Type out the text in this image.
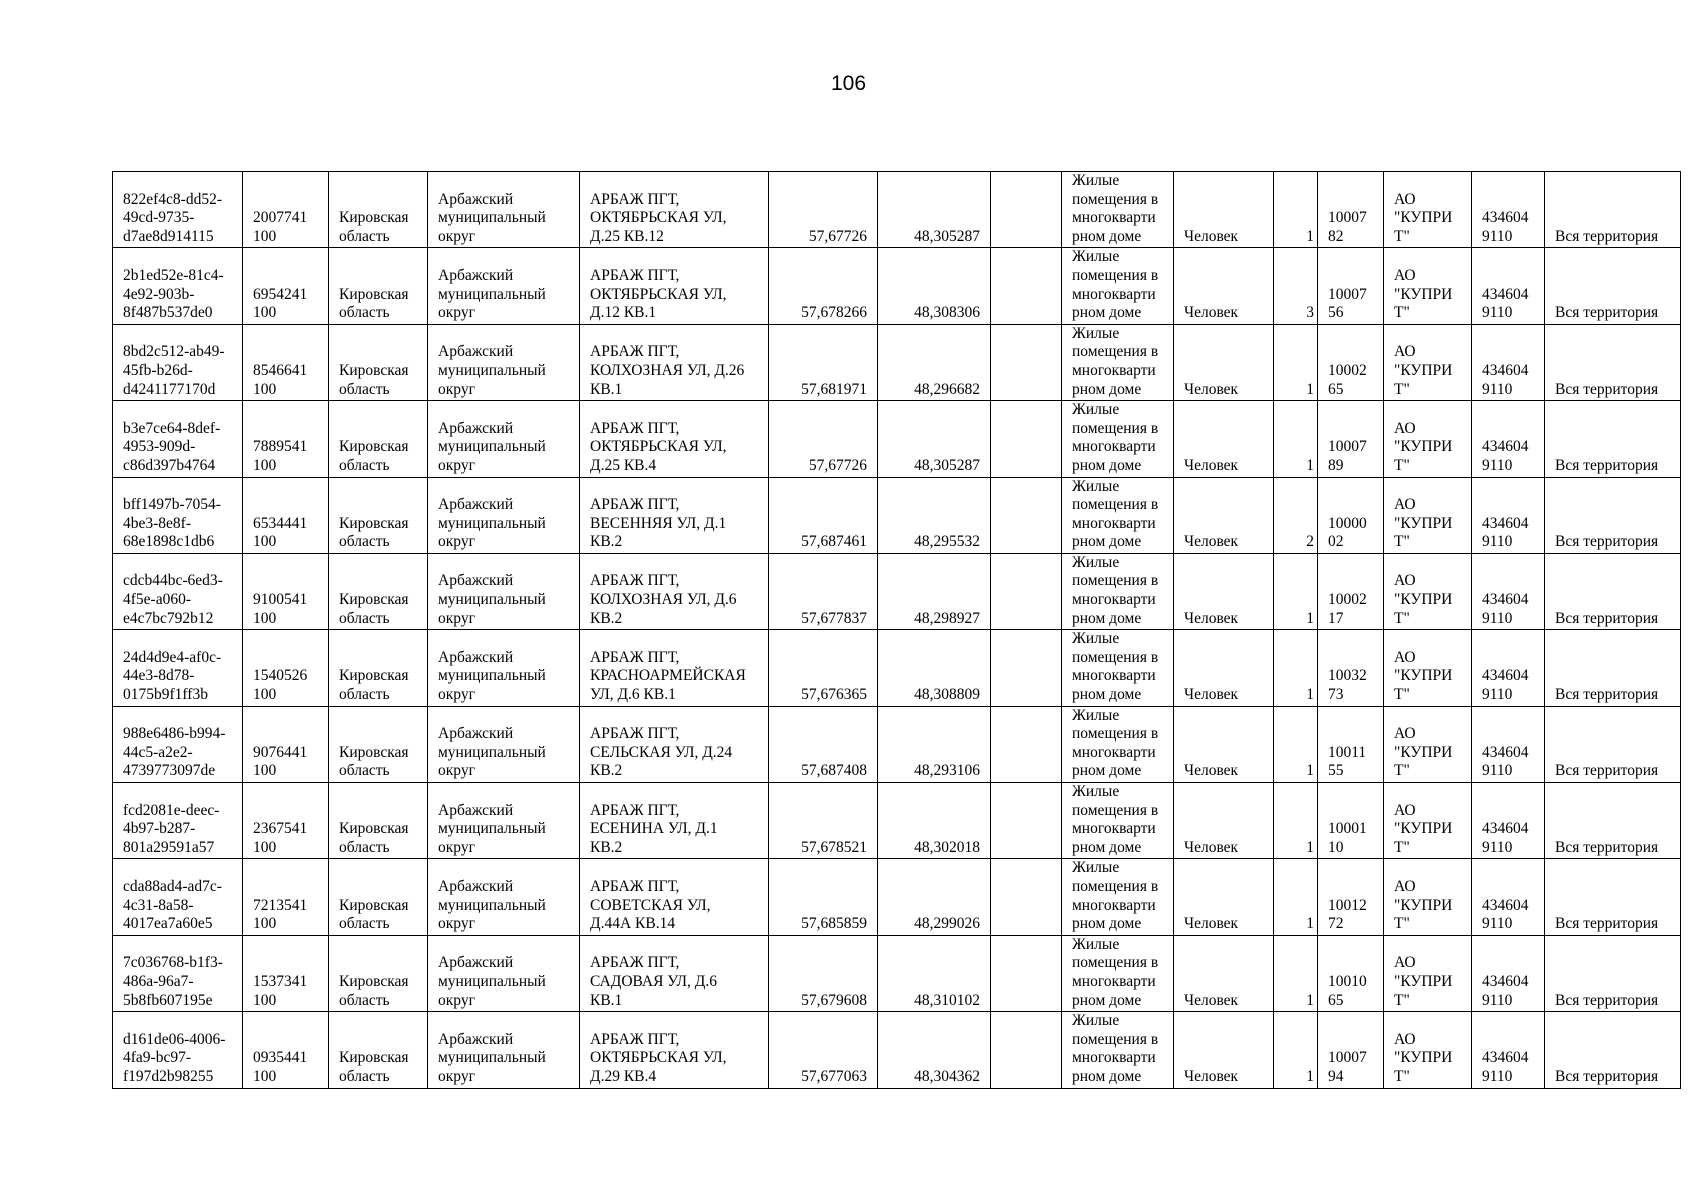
106
822ef4c8-dd52-
49cd-9735-
d7ae8d914115	2007741
100	Кировская
область	Арбажский
муниципальный
округ	АРБАЖ ПГТ,
ОКТЯБРЬСКАЯ УЛ,
Д.25 КВ.12	57,67726	48,305287		Жилые
помещения в
многокварти
рном доме	Человек	1	10007
82	АО
"КУПРИ
Т"	434604
9110	Вся территория
2b1ed52e-81c4-
4e92-903b-
8f487b537de0	6954241
100	Кировская
область	Арбажский
муниципальный
округ	АРБАЖ ПГТ,
ОКТЯБРЬСКАЯ УЛ,
Д.12 КВ.1	57,678266	48,308306		Жилые
помещения в
многокварти
рном доме	Человек	3	10007
56	АО
"КУПРИ
Т"	434604
9110	Вся территория
8bd2c512-ab49-
45fb-b26d-
d4241177170d	8546641
100	Кировская
область	Арбажский
муниципальный
округ	АРБАЖ ПГТ,
КОЛХОЗНАЯ УЛ, Д.26
КВ.1	57,681971	48,296682		Жилые
помещения в
многокварти
рном доме	Человек	1	10002
65	АО
"КУПРИ
Т"	434604
9110	Вся территория
b3e7ce64-8def-
4953-909d-
c86d397b4764	7889541
100	Кировская
область	Арбажский
муниципальный
округ	АРБАЖ ПГТ,
ОКТЯБРЬСКАЯ УЛ,
Д.25 КВ.4	57,67726	48,305287		Жилые
помещения в
многокварти
рном доме	Человек	1	10007
89	АО
"КУПРИ
Т"	434604
9110	Вся территория
bff1497b-7054-
4be3-8e8f-
68e1898c1db6	6534441
100	Кировская
область	Арбажский
муниципальный
округ	АРБАЖ ПГТ,
ВЕСЕННЯЯ УЛ, Д.1
КВ.2	57,687461	48,295532		Жилые
помещения в
многокварти
рном доме	Человек	2	10000
02	АО
"КУПРИ
Т"	434604
9110	Вся территория
cdcb44bc-6ed3-
4f5e-a060-
e4c7bc792b12	9100541
100	Кировская
область	Арбажский
муниципальный
округ	АРБАЖ ПГТ,
КОЛХОЗНАЯ УЛ, Д.6
КВ.2	57,677837	48,298927		Жилые
помещения в
многокварти
рном доме	Человек	1	10002
17	АО
"КУПРИ
Т"	434604
9110	Вся территория
24d4d9e4-af0c-
44e3-8d78-
0175b9f1ff3b	1540526
100	Кировская
область	Арбажский
муниципальный
округ	АРБАЖ ПГТ,
КРАСНОАРМЕЙСКАЯ
УЛ, Д.6 КВ.1	57,676365	48,308809		Жилые
помещения в
многокварти
рном доме	Человек	1	10032
73	АО
"КУПРИ
Т"	434604
9110	Вся территория
988e6486-b994-
44c5-a2e2-
4739773097de	9076441
100	Кировская
область	Арбажский
муниципальный
округ	АРБАЖ ПГТ,
СЕЛЬСКАЯ УЛ, Д.24
КВ.2	57,687408	48,293106		Жилые
помещения в
многокварти
рном доме	Человек	1	10011
55	АО
"КУПРИ
Т"	434604
9110	Вся территория
fcd2081e-deec-
4b97-b287-
801a29591a57	2367541
100	Кировская
область	Арбажский
муниципальный
округ	АРБАЖ ПГТ,
ЕСЕНИНА УЛ, Д.1
КВ.2	57,678521	48,302018		Жилые
помещения в
многокварти
рном доме	Человек	1	10001
10	АО
"КУПРИ
Т"	434604
9110	Вся территория
cda88ad4-ad7c-
4c31-8a58-
4017ea7a60e5	7213541
100	Кировская
область	Арбажский
муниципальный
округ	АРБАЖ ПГТ,
СОВЕТСКАЯ УЛ,
Д.44А КВ.14	57,685859	48,299026		Жилые
помещения в
многокварти
рном доме	Человек	1	10012
72	АО
"КУПРИ
Т"	434604
9110	Вся территория
7c036768-b1f3-
486a-96a7-
5b8fb607195e	1537341
100	Кировская
область	Арбажский
муниципальный
округ	АРБАЖ ПГТ,
САДОВАЯ УЛ, Д.6
КВ.1	57,679608	48,310102		Жилые
помещения в
многокварти
рном доме	Человек	1	10010
65	АО
"КУПРИ
Т"	434604
9110	Вся территория
d161de06-4006-
4fa9-bc97-
f197d2b98255	0935441
100	Кировская
область	Арбажский
муниципальный
округ	АРБАЖ ПГТ,
ОКТЯБРЬСКАЯ УЛ,
Д.29 КВ.4	57,677063	48,304362		Жилые
помещения в
многокварти
рном доме	Человек	1	10007
94	АО
"КУПРИ
Т"	434604
9110	Вся территория
